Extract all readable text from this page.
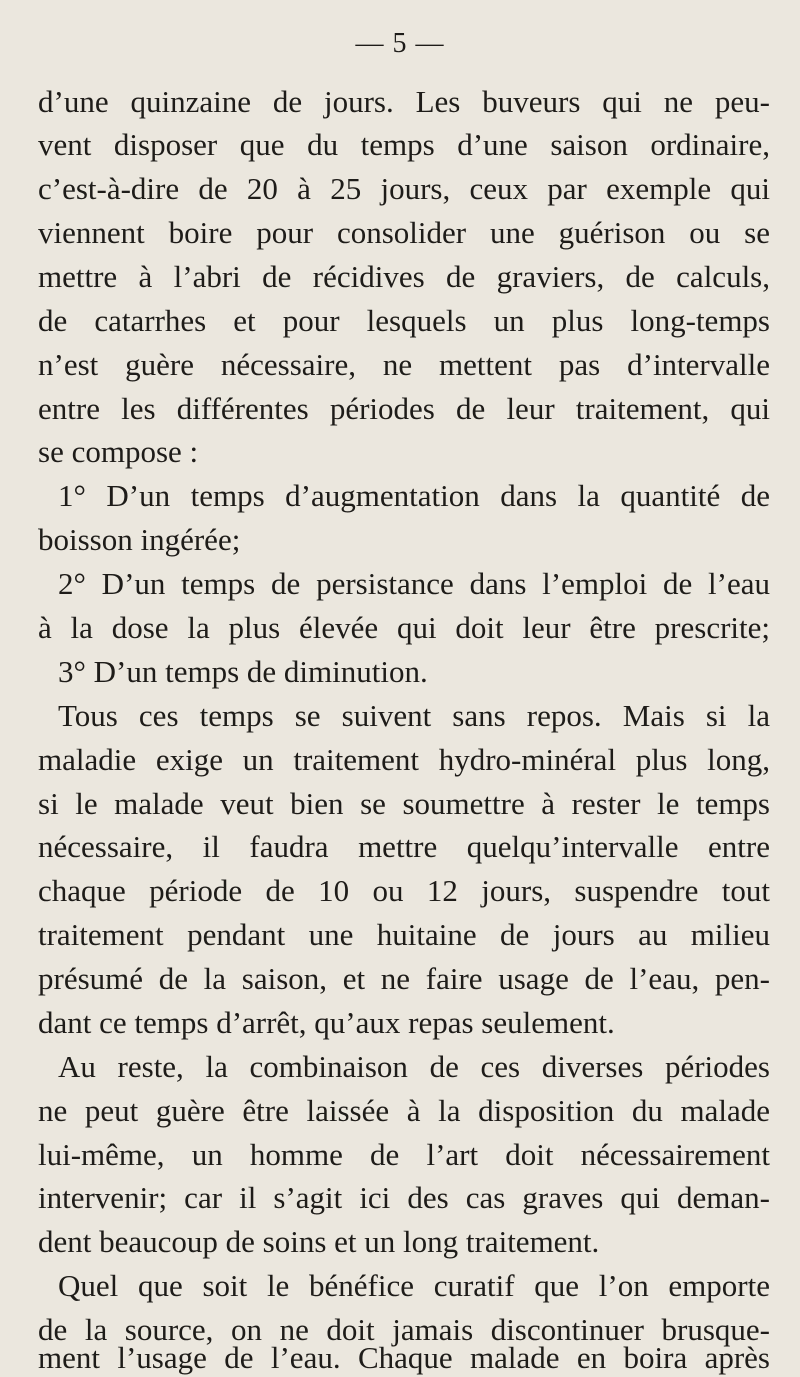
— 5 —
d’une quinzaine de jours. Les buveurs qui ne peu-
vent disposer que du temps d’une saison ordinaire,
c’est-à-dire de 20 à 25 jours, ceux par exemple qui
viennent boire pour consolider une guérison ou se
mettre à l’abri de récidives de graviers, de calculs,
de catarrhes et pour lesquels un plus long-temps
n’est guère nécessaire, ne mettent pas d’intervalle
entre les différentes périodes de leur traitement, qui
se compose :
1° D’un temps d’augmentation dans la quantité de
boisson ingérée;
2° D’un temps de persistance dans l’emploi de l’eau
à la dose la plus élevée qui doit leur être prescrite;
3° D’un temps de diminution.
Tous ces temps se suivent sans repos. Mais si la
maladie exige un traitement hydro-minéral plus long,
si le malade veut bien se soumettre à rester le temps
nécessaire, il faudra mettre quelqu’intervalle entre
chaque période de 10 ou 12 jours, suspendre tout
traitement pendant une huitaine de jours au milieu
présumé de la saison, et ne faire usage de l’eau, pen-
dant ce temps d’arrêt, qu’aux repas seulement.
Au reste, la combinaison de ces diverses périodes
ne peut guère être laissée à la disposition du malade
lui-même, un homme de l’art doit nécessairement
intervenir; car il s’agit ici des cas graves qui deman-
dent beaucoup de soins et un long traitement.
Quel que soit le bénéfice curatif que l’on emporte
de la source, on ne doit jamais discontinuer brusque-
ment l’usage de l’eau. Chaque malade en boira après
